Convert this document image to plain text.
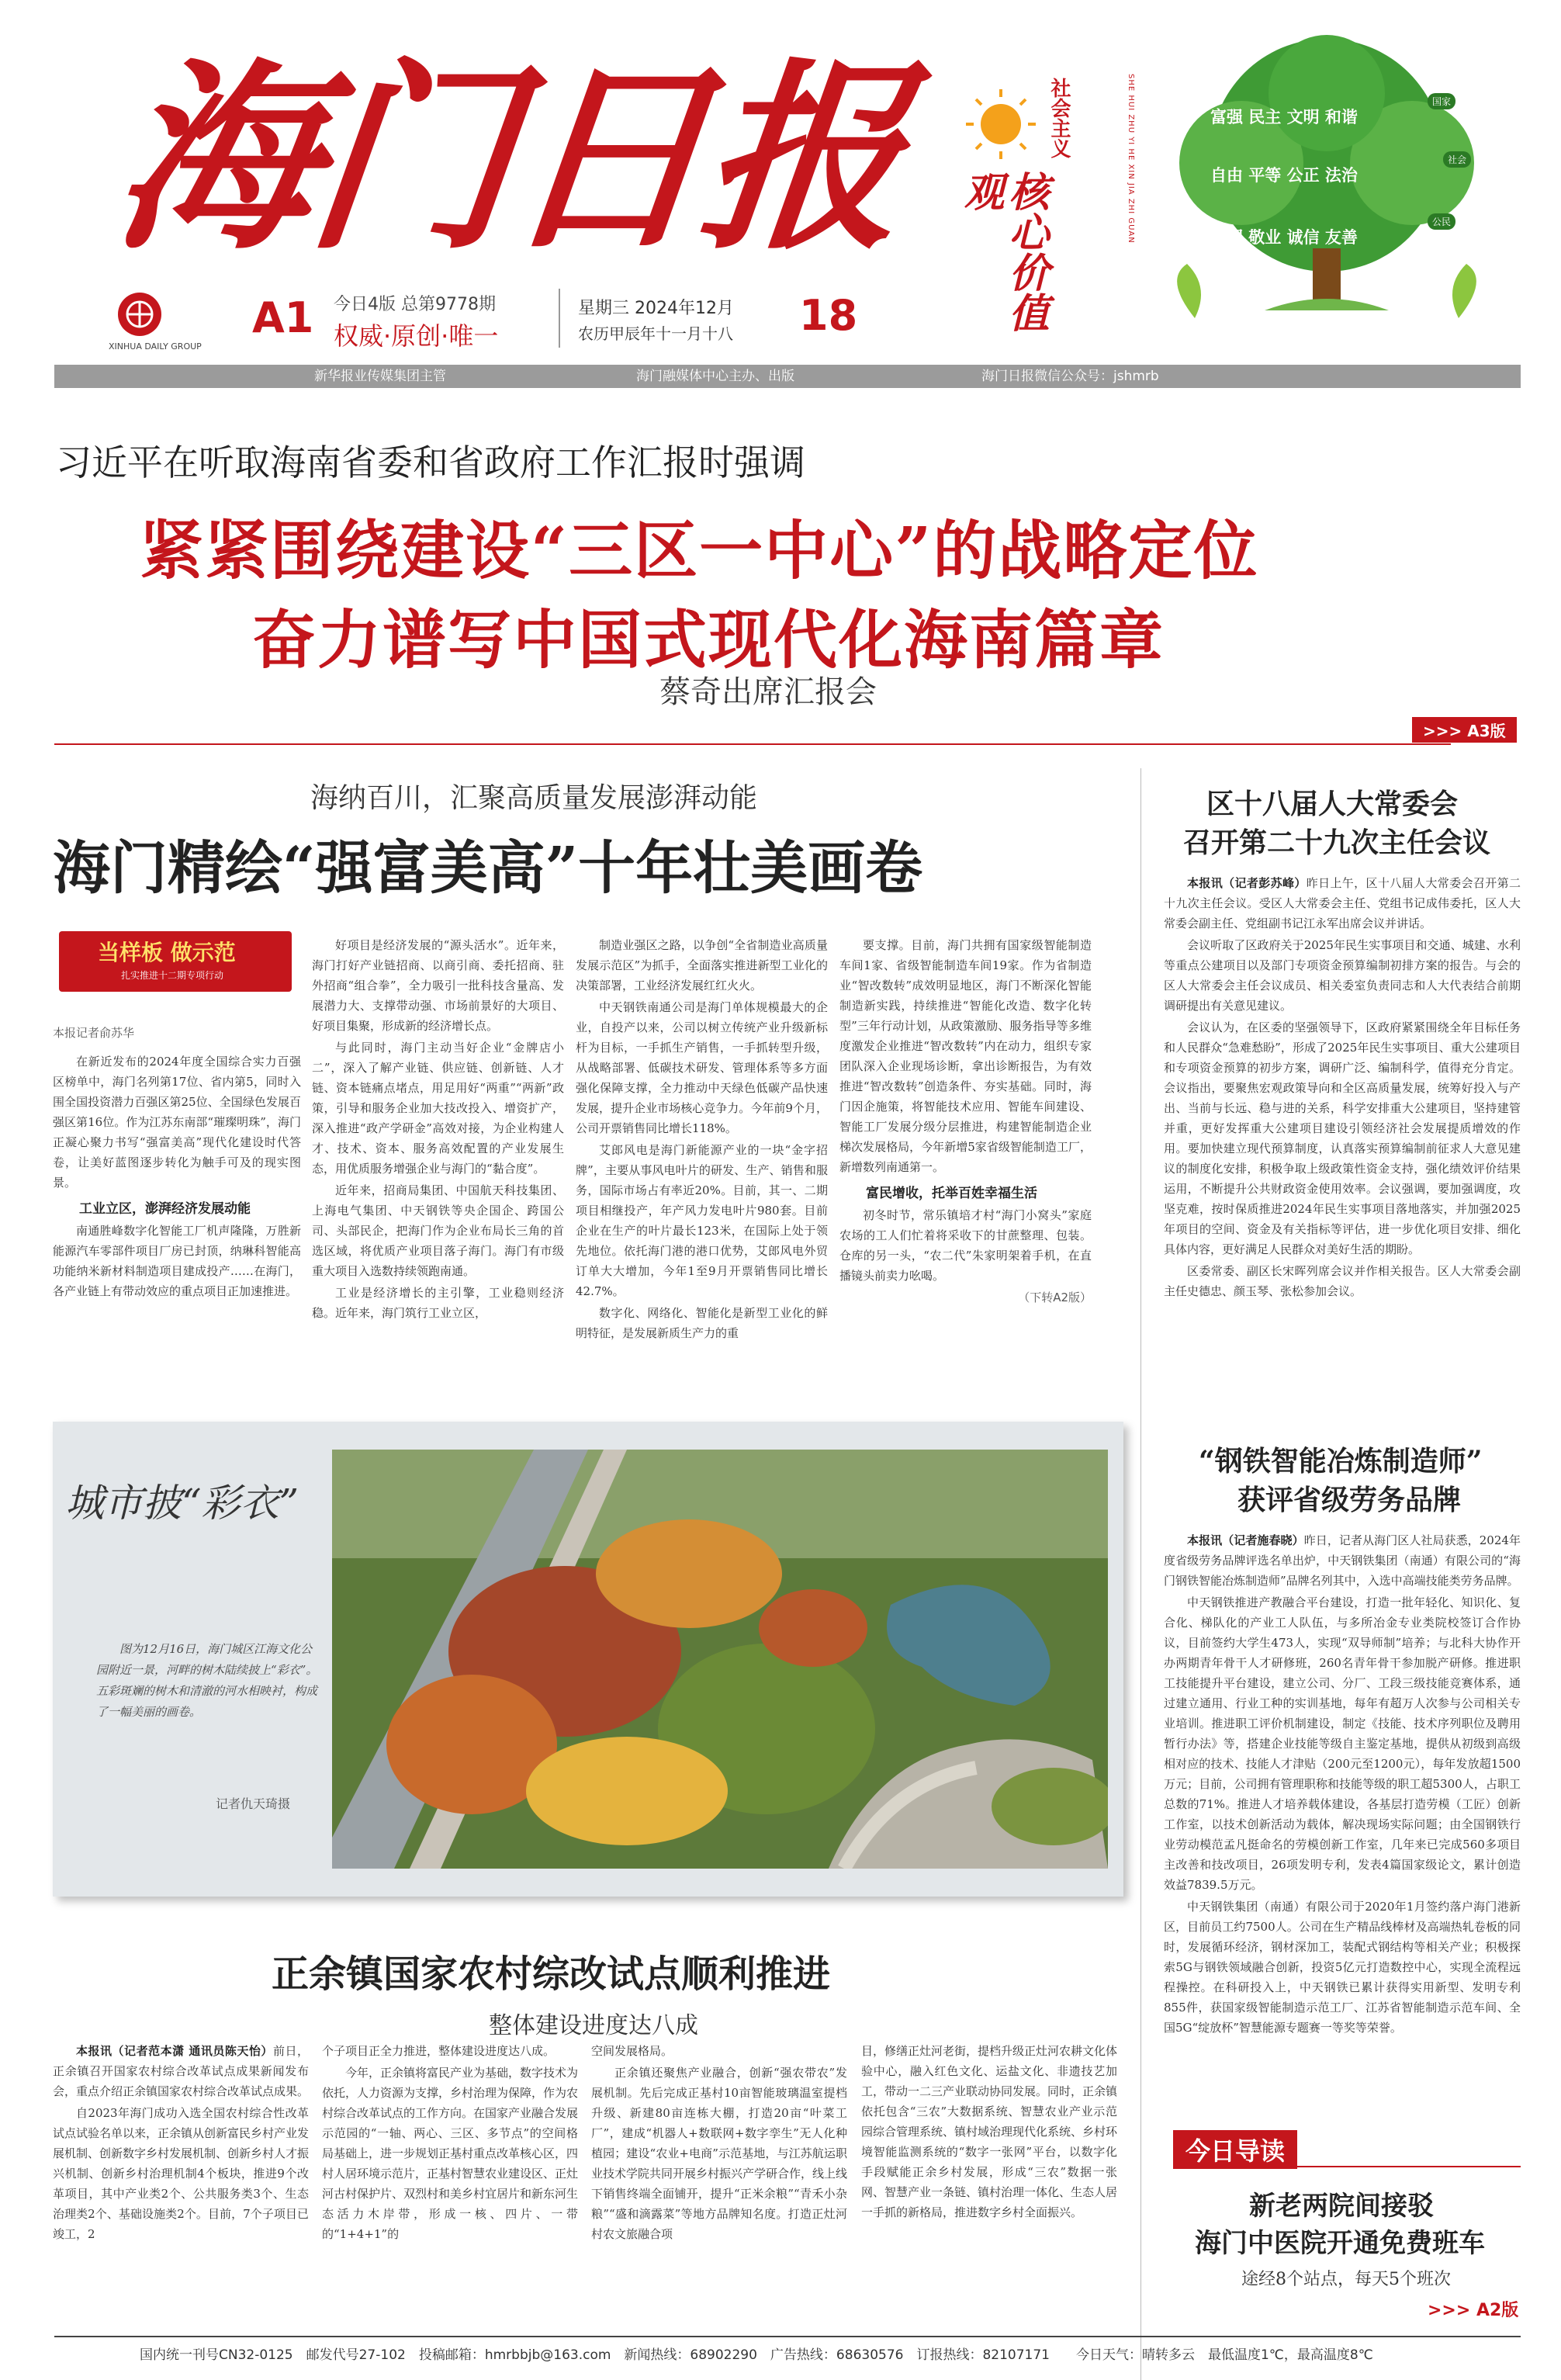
海门日报
XINHUA DAILY GROUP
A1 今日4版 总第9778期
权威·原创·唯一
星期三 2024年12月
农历甲辰年十一月十八 18
社会主义
核心价值观	SHE HUI ZHU YI HE XIN JIA ZHI GUAN	富强 民主 文明 和谐
自由 平等 公正 法治
爱国 敬业 诚信 友善
国家
社会
公民
新华报业传媒集团主管	海门融媒体中心主办、出版	海门日报微信公众号：jshmrb
习近平在听取海南省委和省政府工作汇报时强调
紧紧围绕建设“三区一中心”的战略定位
奋力谱写中国式现代化海南篇章
蔡奇出席汇报会
>>> A3版
海纳百川，汇聚高质量发展澎湃动能
海门精绘“强富美高”十年壮美画卷
当样板 做示范
扎实推进十二期专项行动
本报记者俞苏华

在新近发布的2024年度全国综合实力百强区榜单中，海门名列第17位、省内第5，同时入围全国投资潜力百强区第25位、全国绿色发展百强区第16位。作为江苏东南部“璀璨明珠”，海门正凝心聚力书写“强富美高”现代化建设时代答卷，让美好蓝图逐步转化为触手可及的现实图景。

工业立区，澎湃经济发展动能

南通胜峰数字化智能工厂机声隆隆，万胜新能源汽车零部件项目厂房已封顶，纳琳科智能高功能纳米新材料制造项目建成投产……在海门，各产业链上有带动效应的重点项目正加速推进。

好项目是经济发展的“源头活水”。近年来，海门打好产业链招商、以商引商、委托招商、驻外招商“组合拳”，全力吸引一批科技含量高、发展潜力大、支撑带动强、市场前景好的大项目、好项目集聚，形成新的经济增长点。

与此同时，海门主动当好企业“金牌店小二”，深入了解产业链、供应链、创新链、人才链、资本链痛点堵点，用足用好“两重”“两新”政策，引导和服务企业加大技改投入、增资扩产，深入推进“政产学研金”高效对接，为企业构建人才、技术、资本、服务高效配置的产业发展生态，用优质服务增强企业与海门的“黏合度”。

近年来，招商局集团、中国航天科技集团、上海电气集团、中天钢铁等央企国企、跨国公司、头部民企，把海门作为企业布局长三角的首选区域，将优质产业项目落子海门。海门有市级重大项目入选数持续领跑南通。

工业是经济增长的主引擎，工业稳则经济稳。近年来，海门筑行工业立区，

制造业强区之路，以争创“全省制造业高质量发展示范区”为抓手，全面落实推进新型工业化的决策部署，工业经济发展红红火火。

中天钢铁南通公司是海门单体规模最大的企业，自投产以来，公司以树立传统产业升级新标杆为目标，一手抓生产销售，一手抓转型升级，从战略部署、低碳技术研发、管理体系等多方面强化保障支撑，全力推动中天绿色低碳产品快速发展，提升企业市场核心竞争力。今年前9个月，公司开票销售同比增长118%。

艾郎风电是海门新能源产业的一块“金字招牌”，主要从事风电叶片的研发、生产、销售和服务，国际市场占有率近20%。目前，其一、二期项目相继投产，年产风力发电叶片980套。目前企业在生产的叶片最长123米，在国际上处于领先地位。依托海门港的港口优势，艾郎风电外贸订单大大增加，今年1至9月开票销售同比增长42.7%。

数字化、网络化、智能化是新型工业化的鲜明特征，是发展新质生产力的重

要支撑。目前，海门共拥有国家级智能制造车间1家、省级智能制造车间19家。作为省制造业“智改数转”成效明显地区，海门不断深化智能制造新实践，持续推进“智能化改造、数字化转型”三年行动计划，从政策激励、服务指导等多维度激发企业推进“智改数转”内在动力，组织专家团队深入企业现场诊断，拿出诊断报告，为有效推进“智改数转”创造条件、夯实基础。同时，海门因企施策，将智能技术应用、智能车间建设、智能工厂发展分级分层推进，构建智能制造企业梯次发展格局，今年新增5家省级智能制造工厂，新增数列南通第一。

富民增收，托举百姓幸福生活

初冬时节，常乐镇培才村“海门小窝头”家庭农场的工人们忙着将采收下的甘蔗整理、包装。仓库的另一头，“农二代”朱家明架着手机，在直播镜头前卖力吆喝。

（下转A2版）

区十八届人大常委会
召开第二十九次主任会议

本报讯（记者彭苏峰）昨日上午，区十八届人大常委会召开第二十九次主任会议。受区人大常委会主任、党组书记成伟委托，区人大常委会副主任、党组副书记江永军出席会议并讲话。

会议听取了区政府关于2025年民生实事项目和交通、城建、水利等重点公建项目以及部门专项资金预算编制初排方案的报告。与会的区人大常委会主任会议成员、相关委室负责同志和人大代表结合前期调研提出有关意见建议。

会议认为，在区委的坚强领导下，区政府紧紧围绕全年目标任务和人民群众“急难愁盼”，形成了2025年民生实事项目、重大公建项目和专项资金预算的初步方案，调研广泛、编制科学，值得充分肯定。会议指出，要聚焦宏观政策导向和全区高质量发展，统筹好投入与产出、当前与长远、稳与进的关系，科学安排重大公建项目，坚持建管并重，更好发挥重大公建项目建设引领经济社会发展提质增效的作用。要加快建立现代预算制度，认真落实预算编制前征求人大意见建议的制度化安排，积极争取上级政策性资金支持，强化绩效评价结果运用，不断提升公共财政资金使用效率。会议强调，要加强调度，攻坚克难，按时保质推进2024年民生实事项目落地落实，并加强2025年项目的空间、资金及有关指标等评估，进一步优化项目安排、细化具体内容，更好满足人民群众对美好生活的期盼。

区委常委、副区长宋晖列席会议并作相关报告。区人大常委会副主任史德忠、颜玉琴、张松参加会议。

城市披“彩衣”
图为12月16日，海门城区江海文化公园附近一景，河畔的树木陆续披上“彩衣”。五彩斑斓的树木和清澈的河水相映衬，构成了一幅美丽的画卷。
记者仇天琦摄
“钢铁智能冶炼制造师”
获评省级劳务品牌

本报讯（记者施春晓）昨日，记者从海门区人社局获悉，2024年度省级劳务品牌评选名单出炉，中天钢铁集团（南通）有限公司的“海门钢铁智能冶炼制造师”品牌名列其中，入选中高端技能类劳务品牌。

中天钢铁推进产教融合平台建设，打造一批年轻化、知识化、复合化、梯队化的产业工人队伍，与多所冶金专业类院校签订合作协议，目前签约大学生473人，实现“双导师制”培养；与北科大协作开办两期青年骨干人才研修班，260名青年骨干参加脱产研修。推进职工技能提升平台建设，建立公司、分厂、工段三级技能竞赛体系，通过建立通用、行业工种的实训基地，每年有超万人次参与公司相关专业培训。推进职工评价机制建设，制定《技能、技术序列职位及聘用暂行办法》等，搭建企业技能等级自主鉴定基地，提供从初级到高级相对应的技术、技能人才津贴（200元至1200元），每年发放超1500万元；目前，公司拥有管理职称和技能等级的职工超5300人，占职工总数的71%。推进人才培养载体建设，各基层打造劳模（工匠）创新工作室，以技术创新活动为载体，解决现场实际问题；由全国钢铁行业劳动模范孟凡挺命名的劳模创新工作室，几年来已完成560多项目主改善和技改项目，26项发明专利，发表4篇国家级论文，累计创造效益7839.5万元。

中天钢铁集团（南通）有限公司于2020年1月签约落户海门港新区，目前员工约7500人。公司在生产精品线棒材及高端热轧卷板的同时，发展循环经济，钢材深加工，装配式钢结构等相关产业；积极探索5G与钢铁领域融合创新，投资5亿元打造数控中心，实现全流程远程操控。在科研投入上，中天钢铁已累计获得实用新型、发明专利855件，获国家级智能制造示范工厂、江苏省智能制造示范车间、全国5G“绽放杯”智慧能源专题赛一等奖等荣誉。

正余镇国家农村综改试点顺利推进
整体建设进度达八成

本报讯（记者范本潇 通讯员陈天怡）前日，正余镇召开国家农村综合改革试点成果新闻发布会，重点介绍正余镇国家农村综合改革试点成果。

自2023年海门成功入选全国农村综合性改革试点试验名单以来，正余镇从创新富民乡村产业发展机制、创新数字乡村发展机制、创新乡村人才振兴机制、创新乡村治理机制4个板块，推进9个改革项目，其中产业类2个、公共服务类3个、生态治理类2个、基础设施类2个。目前，7个子项目已竣工，2

个子项目正全力推进，整体建设进度达八成。

今年，正余镇将富民产业为基础，数字技术为依托，人力资源为支撑，乡村治理为保障，作为农村综合改革试点的工作方向。在国家产业融合发展示范园的“一轴、两心、三区、多节点”的空间格局基础上，进一步规划正基村重点改革核心区，四村人居环境示范片，正基村智慧农业建设区、正灶河古村保护片、双烈村和美乡村宜居片和新东河生态活力木岸带，形成一核、四片、一带的“1+4+1”的

空间发展格局。

正余镇还聚焦产业融合，创新“强农带农”发展机制。先后完成正基村10亩智能玻璃温室提档升级、新建80亩连栋大棚，打造20亩“叶菜工厂”，建成“机器人+数联网+数字孪生”无人化种植园；建设“农业+电商”示范基地，与江苏航运职业技术学院共同开展乡村振兴产学研合作，线上线下销售终端全面铺开，提升“正米余粮”“青禾小杂粮”“盛和滴露菜”等地方品牌知名度。打造正灶河村农文旅融合项

目，修缮正灶河老街，提档升级正灶河农耕文化体验中心，融入红色文化、运盐文化、非遗技艺加工，带动一二三产业联动协同发展。同时，正余镇依托包含“三农”大数据系统、智慧农业产业示范园综合管理系统、镇村域治理现代化系统、乡村环境智能监测系统的“数字一张网”平台，以数字化手段赋能正余乡村发展，形成“三农”数据一张网、智慧产业一条链、镇村治理一体化、生态人居一手抓的新格局，推进数字乡村全面振兴。

今日导读
新老两院间接驳
海门中医院开通免费班车
途经8个站点，每天5个班次
>>> A2版
国内统一刊号CN32-0125　邮发代号27-102　投稿邮箱：hmrbbjb@163.com　新闻热线：68902290　广告热线：68630576　订报热线：82107171　　今日天气：晴转多云　最低温度1℃，最高温度8℃
